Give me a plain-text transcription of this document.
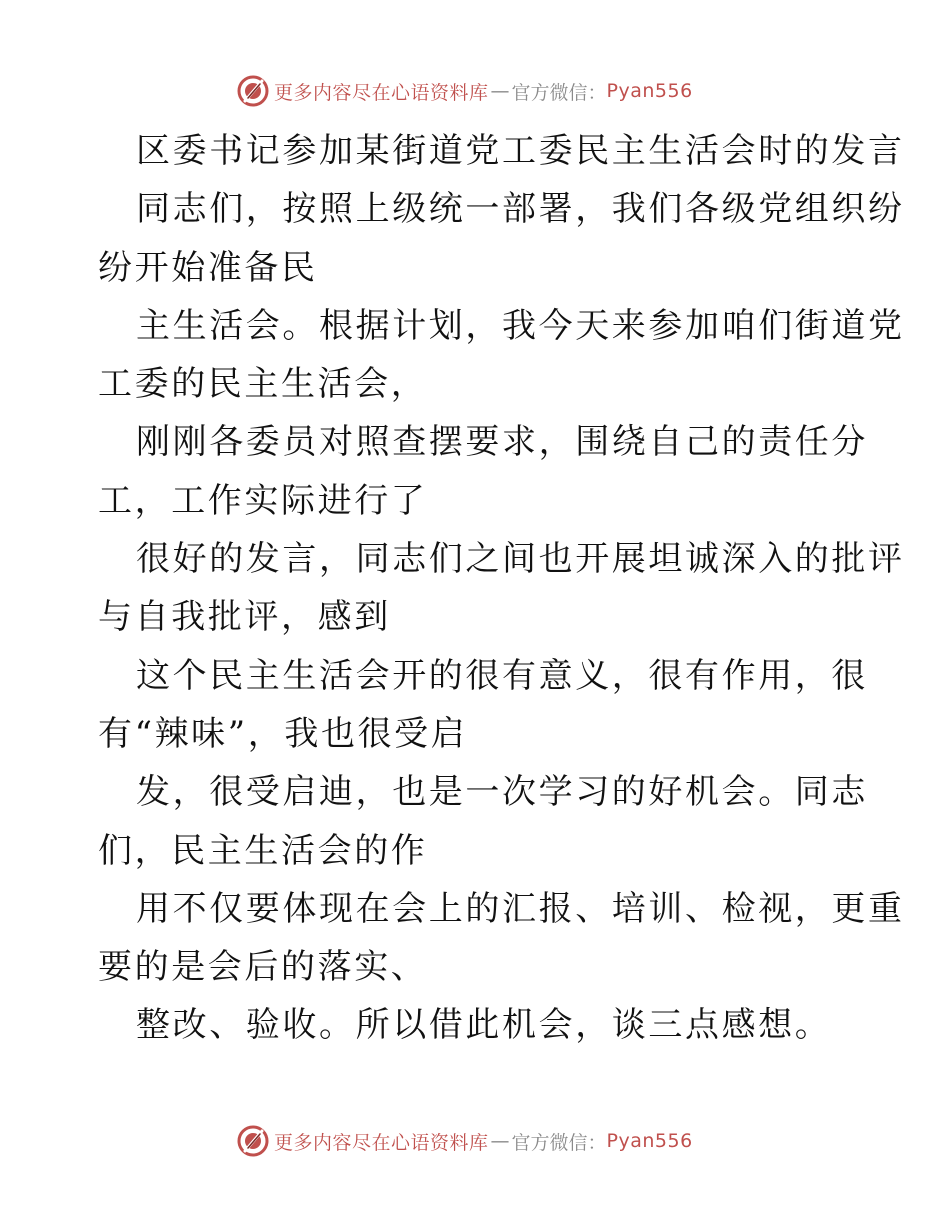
更多内容尽在心语资料库 — 官方微信： Pyan556
区委书记参加某街道党工委民主生活会时的发言
同志们，按照上级统一部署，我们各级党组织纷
纷开始准备民
主生活会。根据计划，我今天来参加咱们街道党
工委的民主生活会，
刚刚各委员对照查摆要求，围绕自己的责任分
工，工作实际进行了
很好的发言，同志们之间也开展坦诚深入的批评
与自我批评，感到
这个民主生活会开的很有意义，很有作用，很
有“辣味”，我也很受启
发，很受启迪，也是一次学习的好机会。同志
们，民主生活会的作
用不仅要体现在会上的汇报、培训、检视，更重
要的是会后的落实、
整改、验收。所以借此机会，谈三点感想。
更多内容尽在心语资料库 — 官方微信： Pyan556
